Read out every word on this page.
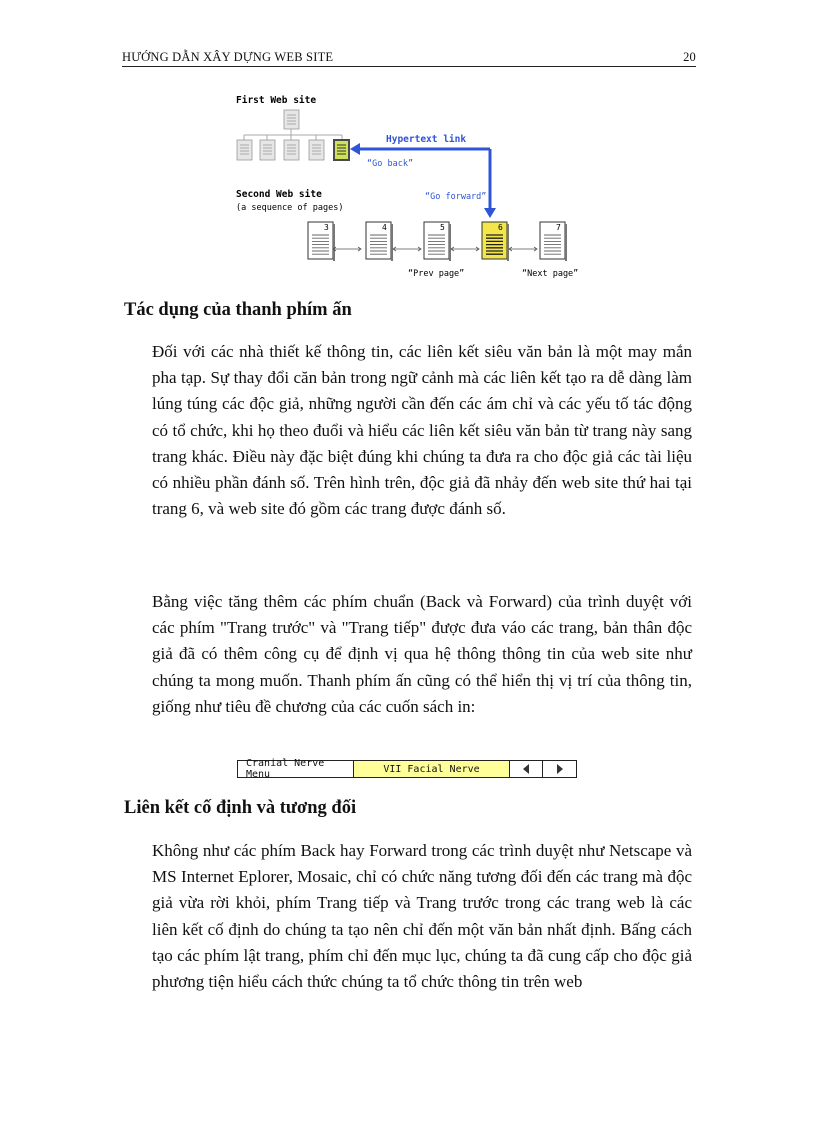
HƯỚNG DẪN XÂY DỰNG WEB SITE	20
First Web site
Hypertext link
“Go back”
“Go forward”
Second Web site
(a sequence of pages)
3	4	5	6	7
“Prev page”	“Next page”
Tác dụng của thanh phím ấn

Đối với các nhà thiết kế thông tin, các liên kết siêu văn bản là một may mắn pha tạp. Sự thay đổi căn bản trong ngữ cảnh mà các liên kết tạo ra dễ dàng làm lúng túng các độc giả, những người cần đến các ám chỉ và các yếu tố tác động có tổ chức, khi họ theo đuổi và hiểu các liên kết siêu văn bản từ trang này sang trang khác. Điều này đặc biệt đúng khi chúng ta đưa ra cho độc giả các tài liệu có nhiều phần đánh số. Trên hình trên, độc giả đã nhảy đến web site thứ hai tại trang 6, và web site đó gồm các trang được đánh số.

Bằng việc tăng thêm các phím chuẩn (Back và Forward) của trình duyệt với các phím "Trang trước" và "Trang tiếp" được đưa váo các trang, bản thân độc giả đã có thêm công cụ để định vị qua hệ thông thông tin của web site như chúng ta mong muốn. Thanh phím ấn cũng có thể hiển thị vị trí của thông tin, giống như tiêu đề chương của các cuốn sách in:

Cranial Nerve Menu	VII Facial Nerve
Liên kết cố định và tương đối

Không như các phím Back hay Forward trong các trình duyệt như Netscape và MS Internet Eplorer, Mosaic, chỉ có chức năng tương đối đến các trang mà độc giả vừa rời khỏi, phím Trang tiếp và Trang trước trong các trang web là các liên kết cố định do chúng ta tạo nên chỉ đến một văn bản nhất định. Bấng cách tạo các phím lật trang, phím chỉ đến mục lục, chúng ta đã cung cấp cho độc giả phương tiện hiểu cách thức chúng ta tổ chức thông tin trên web
